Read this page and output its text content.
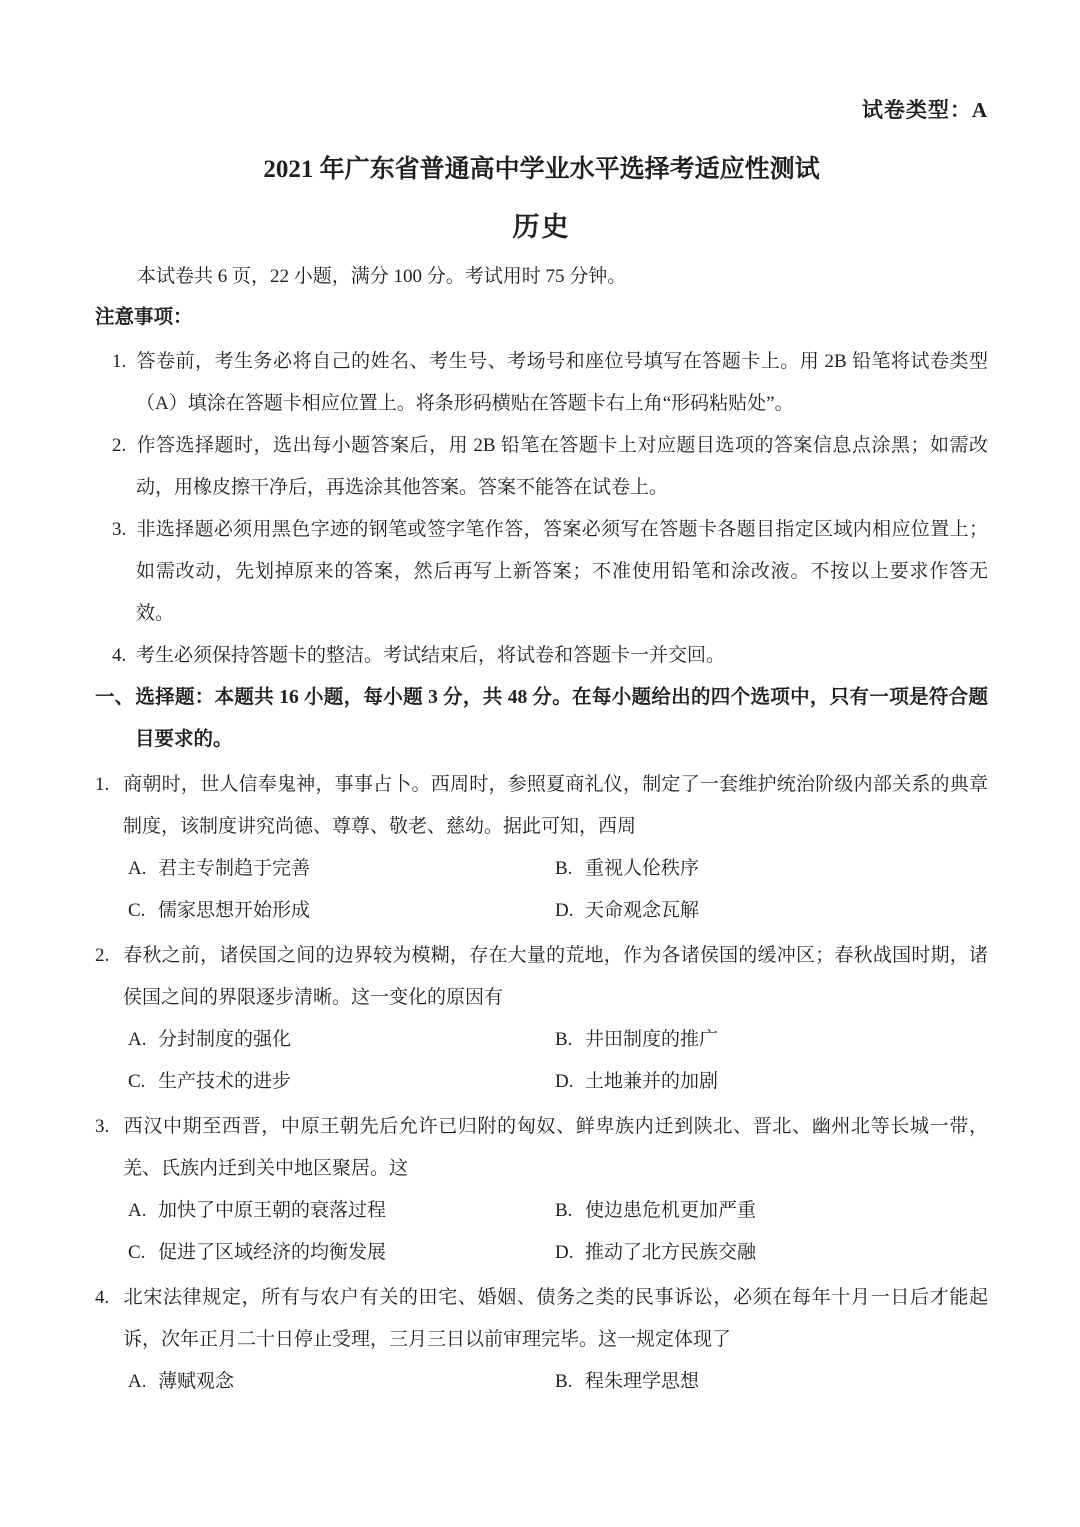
试卷类型：A
2021 年广东省普通高中学业水平选择考适应性测试
历史
本试卷共 6 页，22 小题，满分 100 分。考试用时 75 分钟。
注意事项：
1. 答卷前，考生务必将自己的姓名、考生号、考场号和座位号填写在答题卡上。用 2B 铅笔将试卷类型（A）填涂在答题卡相应位置上。将条形码横贴在答题卡右上角“形码粘贴处”。
2. 作答选择题时，选出每小题答案后，用 2B 铅笔在答题卡上对应题目选项的答案信息点涂黑；如需改动，用橡皮擦干净后，再选涂其他答案。答案不能答在试卷上。
3. 非选择题必须用黑色字迹的钢笔或签字笔作答，答案必须写在答题卡各题目指定区域内相应位置上；如需改动，先划掉原来的答案，然后再写上新答案；不准使用铅笔和涂改液。不按以上要求作答无效。
4. 考生必须保持答题卡的整洁。考试结束后，将试卷和答题卡一并交回。
一、选择题：本题共 16 小题，每小题 3 分，共 48 分。在每小题给出的四个选项中，只有一项是符合题目要求的。

1. 商朝时，世人信奉鬼神，事事占卜。西周时，参照夏商礼仪，制定了一套维护统治阶级内部关系的典章制度，该制度讲究尚德、尊尊、敬老、慈幼。据此可知，西周

A. 君主专制趋于完善	B. 重视人伦秩序
C. 儒家思想开始形成	D. 天命观念瓦解

2. 春秋之前，诸侯国之间的边界较为模糊，存在大量的荒地，作为各诸侯国的缓冲区；春秋战国时期，诸侯国之间的界限逐步清晰。这一变化的原因有

A. 分封制度的强化	B. 井田制度的推广
C. 生产技术的进步	D. 土地兼并的加剧

3. 西汉中期至西晋，中原王朝先后允许已归附的匈奴、鲜卑族内迁到陕北、晋北、幽州北等长城一带，羌、氏族内迁到关中地区聚居。这

A. 加快了中原王朝的衰落过程	B. 使边患危机更加严重
C. 促进了区域经济的均衡发展	D. 推动了北方民族交融

4. 北宋法律规定，所有与农户有关的田宅、婚姻、债务之类的民事诉讼，必须在每年十月一日后才能起诉，次年正月二十日停止受理，三月三日以前审理完毕。这一规定体现了

A. 薄赋观念	B. 程朱理学思想
